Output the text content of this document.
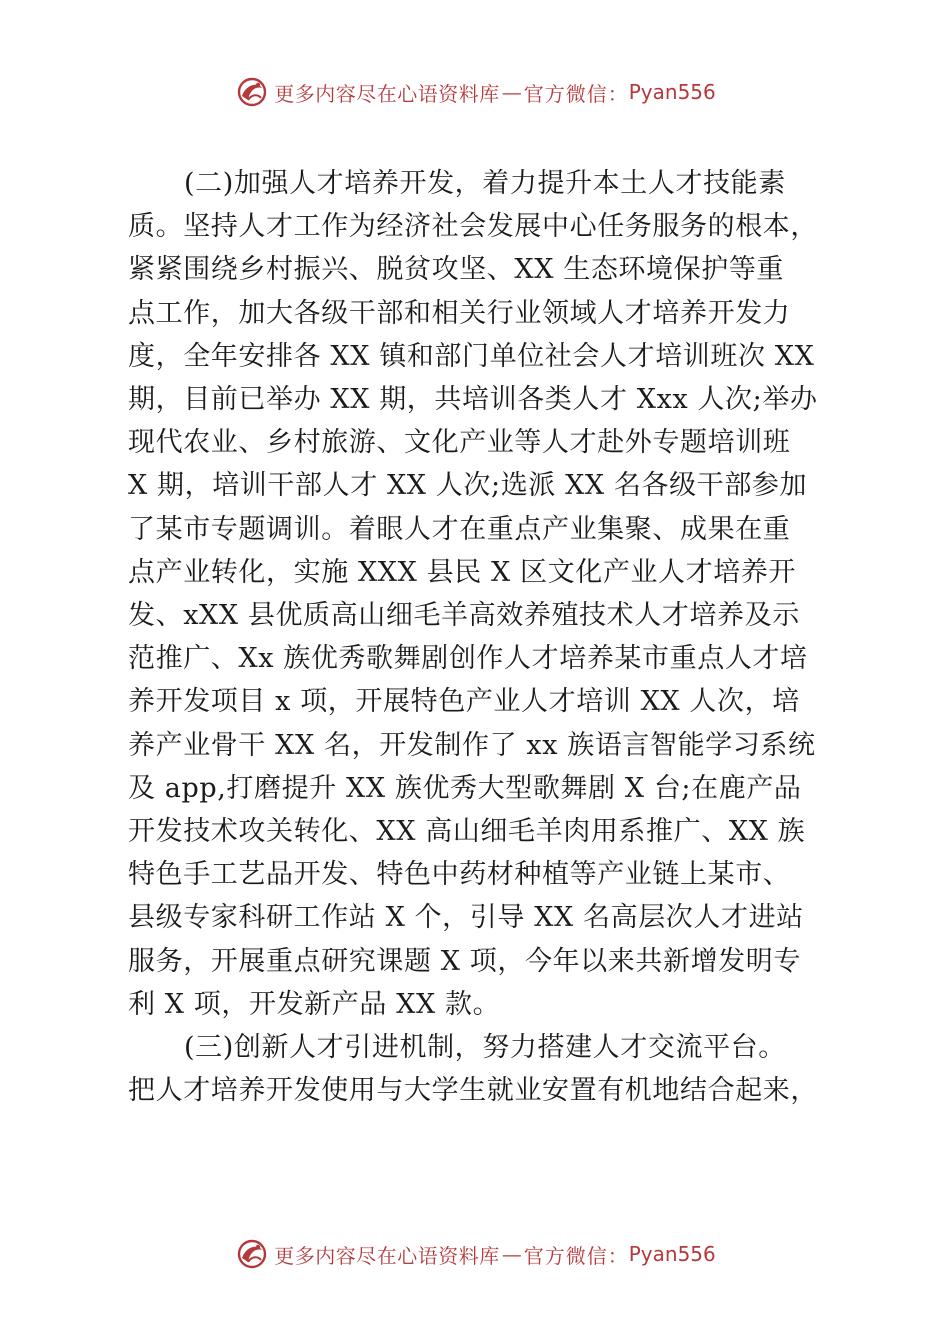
更多内容尽在心语资料库 — 官方微信： Pyan556

(二)加强人才培养开发，着力提升本土人才技能素
质。坚持人才工作为经济社会发展中心任务服务的根本，
紧紧围绕乡村振兴、脱贫攻坚、XX 生态环境保护等重
点工作，加大各级干部和相关行业领域人才培养开发力
度，全年安排各 XX 镇和部门单位社会人才培训班次 XX
期，目前已举办 XX 期，共培训各类人才 Xxx 人次;举办
现代农业、乡村旅游、文化产业等人才赴外专题培训班
X 期，培训干部人才 XX 人次;选派 XX 名各级干部参加
了某市专题调训。着眼人才在重点产业集聚、成果在重
点产业转化，实施 XXX 县民 X 区文化产业人才培养开
发、xXX 县优质高山细毛羊高效养殖技术人才培养及示
范推广、Xx 族优秀歌舞剧创作人才培养某市重点人才培
养开发项目 x 项，开展特色产业人才培训 XX 人次，培
养产业骨干 XX 名，开发制作了 xx 族语言智能学习系统
及 app,打磨提升 XX 族优秀大型歌舞剧 X 台;在鹿产品
开发技术攻关转化、XX 高山细毛羊肉用系推广、XX 族
特色手工艺品开发、特色中药材种植等产业链上某市、
县级专家科研工作站 X 个，引导 XX 名高层次人才进站
服务，开展重点研究课题 X 项，今年以来共新增发明专
利 X 项，开发新产品 XX 款。

(三)创新人才引进机制，努力搭建人才交流平台。
把人才培养开发使用与大学生就业安置有机地结合起来，

更多内容尽在心语资料库 — 官方微信： Pyan556
